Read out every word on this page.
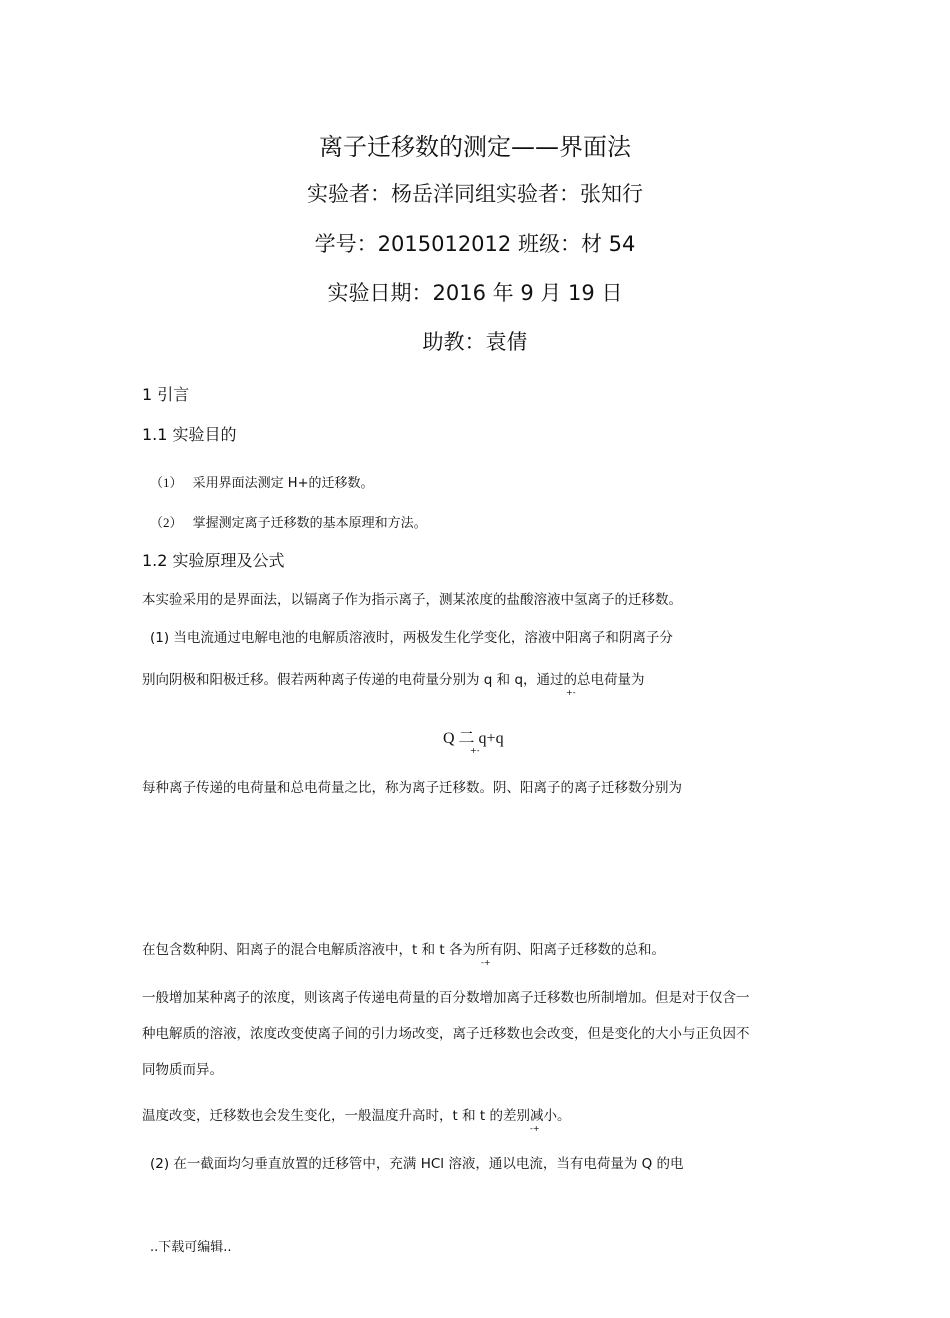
离子迁移数的测定——界面法
实验者：杨岳洋同组实验者：张知行
学号：2015012012 班级：材 54
实验日期：2016 年 9 月 19 日
助教：袁倩
1 引言
1.1 实验目的
（1） 采用界面法测定 H+的迁移数。
（2） 掌握测定离子迁移数的基本原理和方法。
1.2 实验原理及公式
本实验采用的是界面法，以镉离子作为指示离子，测某浓度的盐酸溶液中氢离子的迁移数。
(1) 当电流通过电解电池的电解质溶液时，两极发生化学变化，溶液中阳离子和阴离子分
别向阴极和阳极迁移。假若两种离子传递的电荷量分别为 q 和 q，通过的总电荷量为
+-
Q 二 q+q
+-
每种离子传递的电荷量和总电荷量之比，称为离子迁移数。阴、阳离子的离子迁移数分别为
在包含数种阴、阳离子的混合电解质溶液中，t 和 t 各为所有阴、阳离子迁移数的总和。
-+
一般增加某种离子的浓度，则该离子传递电荷量的百分数增加离子迁移数也所制增加。但是对于仅含一
种电解质的溶液，浓度改变使离子间的引力场改变，离子迁移数也会改变，但是变化的大小与正负因不
同物质而异。
温度改变，迁移数也会发生变化，一般温度升高时，t 和 t 的差别减小。
-+
(2) 在一截面均匀垂直放置的迁移管中，充满 HCl 溶液，通以电流，当有电荷量为 Q 的电
..下载可编辑..
